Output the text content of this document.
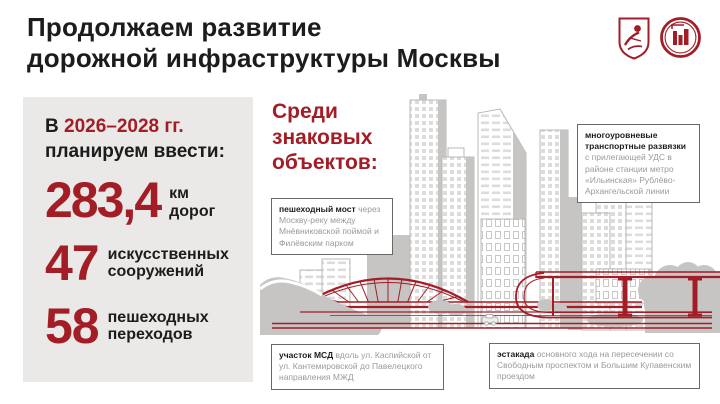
Продолжаем развитие
дорожной инфраструктуры Москвы
В 2026–2028 гг.
планируем ввести:
283,4 км
дорог
47 искусственных
сооружений
58 пешеходных
переходов
Среди
знаковых
объектов:
пешеходный мост через Москву-реку между Мнёвниковской поймой и Филёвским парком
многоуровневые транспортные развязки с прилегающей УДС в районе станции метро «Ильинская» Рублёво-Архангельской линии
участок МСД вдоль ул. Каспийской от ул. Кантемировской до Павелецкого направления МЖД
эстакада основного хода на пересечении со Свободным проспектом и Большим Купавенским проездом
